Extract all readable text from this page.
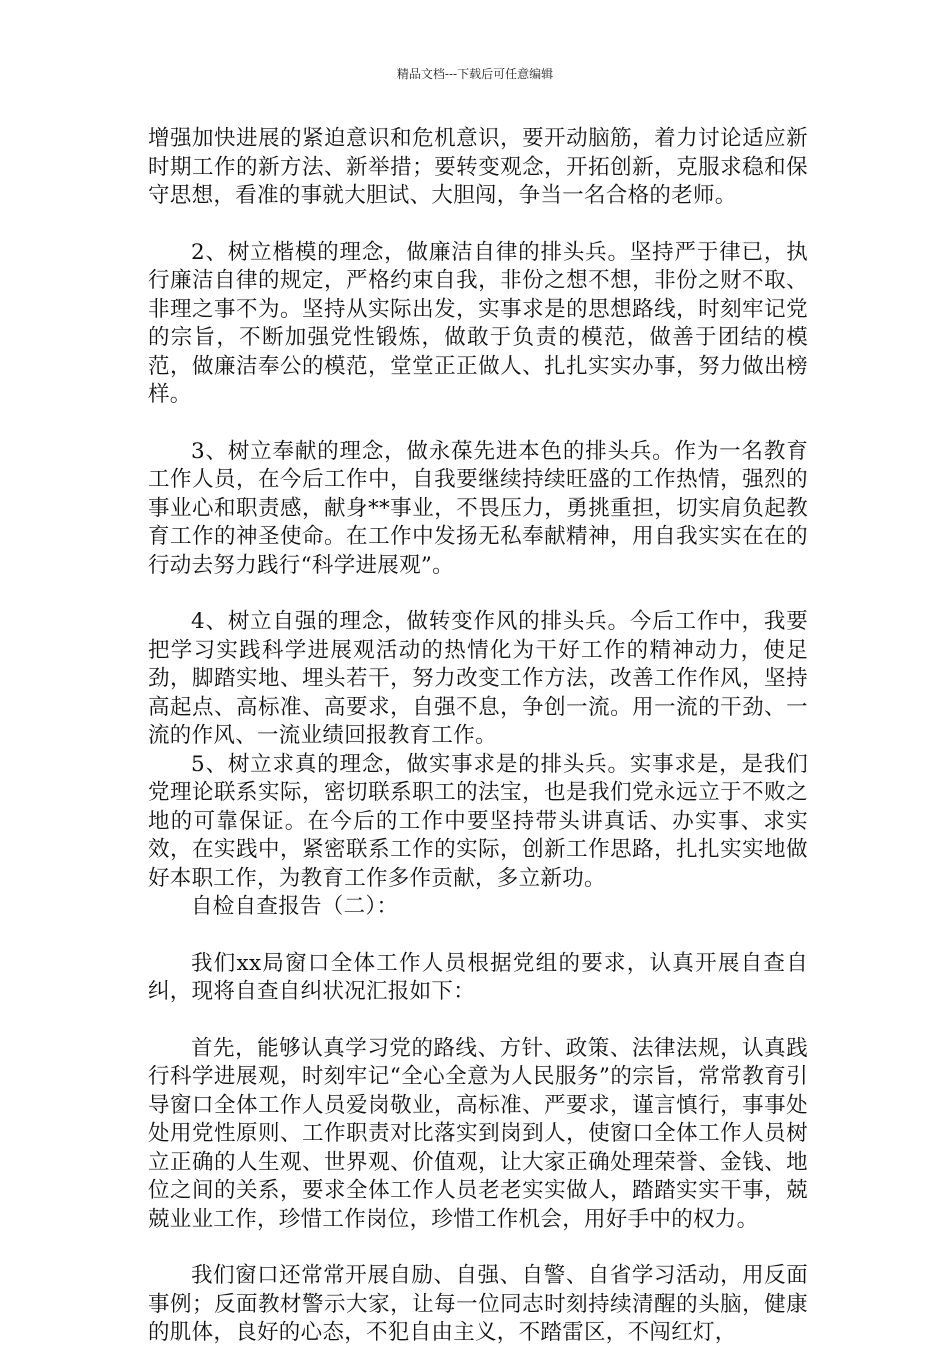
精品文档---下载后可任意编辑

增强加快进展的紧迫意识和危机意识，要开动脑筋，着力讨论适应新时期工作的新方法、新举措；要转变观念，开拓创新，克服求稳和保守思想，看准的事就大胆试、大胆闯，争当一名合格的老师。

2、树立楷模的理念，做廉洁自律的排头兵。坚持严于律已，执行廉洁自律的规定，严格约束自我，非份之想不想，非份之财不取、非理之事不为。坚持从实际出发，实事求是的思想路线，时刻牢记党的宗旨，不断加强党性锻炼，做敢于负责的模范，做善于团结的模范，做廉洁奉公的模范，堂堂正正做人、扎扎实实办事，努力做出榜样。

3、树立奉献的理念，做永葆先进本色的排头兵。作为一名教育工作人员，在今后工作中，自我要继续持续旺盛的工作热情，强烈的事业心和职责感，献身**事业，不畏压力，勇挑重担，切实肩负起教育工作的神圣使命。在工作中发扬无私奉献精神，用自我实实在在的行动去努力践行“科学进展观”。

4、树立自强的理念，做转变作风的排头兵。今后工作中，我要把学习实践科学进展观活动的热情化为干好工作的精神动力，使足劲，脚踏实地、埋头若干，努力改变工作方法，改善工作作风，坚持高起点、高标准、高要求，自强不息，争创一流。用一流的干劲、一流的作风、一流业绩回报教育工作。

5、树立求真的理念，做实事求是的排头兵。实事求是，是我们党理论联系实际，密切联系职工的法宝，也是我们党永远立于不败之地的可靠保证。在今后的工作中要坚持带头讲真话、办实事、求实效，在实践中，紧密联系工作的实际，创新工作思路，扎扎实实地做好本职工作，为教育工作多作贡献，多立新功。

自检自查报告（二）：

我们xx局窗口全体工作人员根据党组的要求，认真开展自查自纠，现将自查自纠状况汇报如下：

首先，能够认真学习党的路线、方针、政策、法律法规，认真践行科学进展观，时刻牢记“全心全意为人民服务”的宗旨，常常教育引导窗口全体工作人员爱岗敬业，高标准、严要求，谨言慎行，事事处处用党性原则、工作职责对比落实到岗到人，使窗口全体工作人员树立正确的人生观、世界观、价值观，让大家正确处理荣誉、金钱、地位之间的关系，要求全体工作人员老老实实做人，踏踏实实干事，兢兢业业工作，珍惜工作岗位，珍惜工作机会，用好手中的权力。

我们窗口还常常开展自励、自强、自警、自省学习活动，用反面事例；反面教材警示大家，让每一位同志时刻持续清醒的头脑，健康的肌体，良好的心态，不犯自由主义，不踏雷区，不闯红灯，
